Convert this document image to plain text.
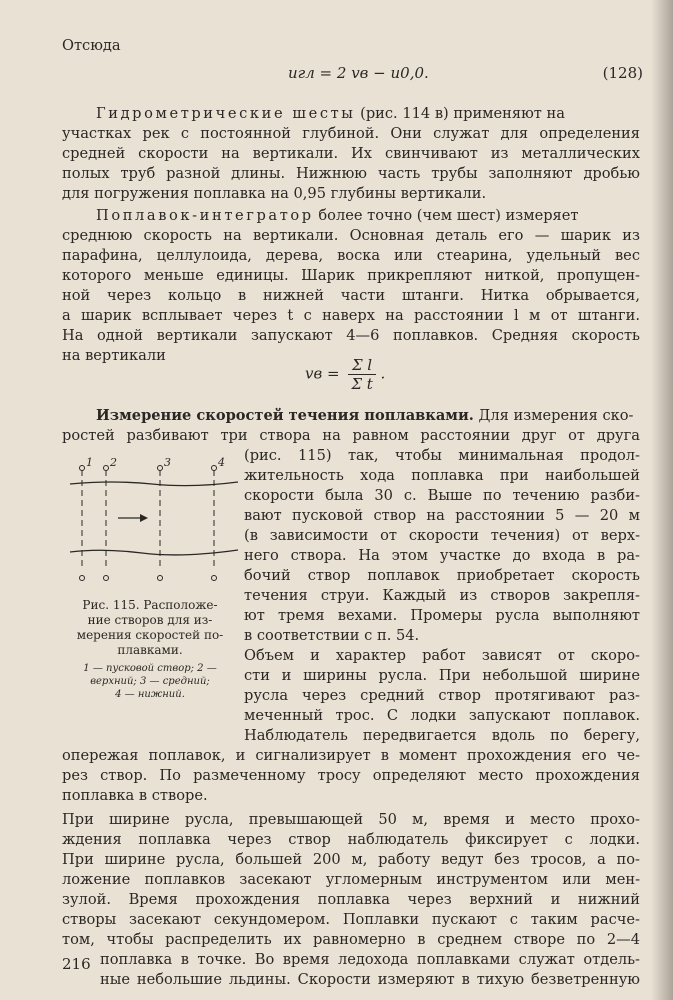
Отсюда
uгл = 2 vв − u0,0.	(128)
Гидрометрические шесты (рис. 114 в) применяют на
участках рек с постоянной глубиной. Они служат для определения
средней скорости на вертикали. Их свинчивают из металлических
полых труб разной длины. Нижнюю часть трубы заполняют дробью
для погружения поплавка на 0,95 глубины вертикали.
Поплавок-интегратор более точно (чем шест) измеряет
среднюю скорость на вертикали. Основная деталь его — шарик из
парафина, целлулоида, дерева, воска или стеарина, удельный вес
которого меньше единицы. Шарик прикрепляют ниткой, пропущен-
ной через кольцо в нижней части штанги. Нитка обрывается,
а шарик всплывает через t с наверх на расстоянии l м от штанги.
На одной вертикали запускают 4—6 поплавков. Средняя скорость
на вертикали
vв = $\frac{\text{Σ l}}{\text{Σ t}}$ .
Измерение скоростей течения поплавками. Для измерения ско-
ростей разбивают три створа на равном расстоянии друг от друга
(рис. 115) так, чтобы минимальная продол-
жительность хода поплавка при наибольшей
скорости была 30 с. Выше по течению разби-
вают пусковой створ на расстоянии 5 — 20 м
(в зависимости от скорости течения) от верх-
него створа. На этом участке до входа в ра-
бочий створ поплавок приобретает скорость
течения струи. Каждый из створов закрепля-
ют тремя вехами. Промеры русла выполняют
в соответствии с п. 54.
Объем и характер работ зависят от скоро-
сти и ширины русла. При небольшой ширине
русла через средний створ протягивают раз-
меченный трос. С лодки запускают поплавок.
Наблюдатель передвигается вдоль по берегу,
1 2	3	4
Рис. 115. Расположе-
ние створов для из-
мерения скоростей по-
плавками.
1 — пусковой створ; 2 —
верхний; 3 — средний;
4 — нижний.
опережая поплавок, и сигнализирует в момент прохождения его че-
рез створ. По размеченному тросу определяют место прохождения
поплавка в створе.
При ширине русла, превышающей 50 м, время и место прохо-
ждения поплавка через створ наблюдатель фиксирует с лодки.
При ширине русла, большей 200 м, работу ведут без тросов, а по-
ложение поплавков засекают угломерным инструментом или мен-
зулой. Время прохождения поплавка через верхний и нижний
створы засекают секундомером. Поплавки пускают с таким расче-
том, чтобы распределить их равномерно в среднем створе по 2—4
поплавка в точке. Во время ледохода поплавками служат отдель-
ные небольшие льдины. Скорости измеряют в тихую безветренную
216
